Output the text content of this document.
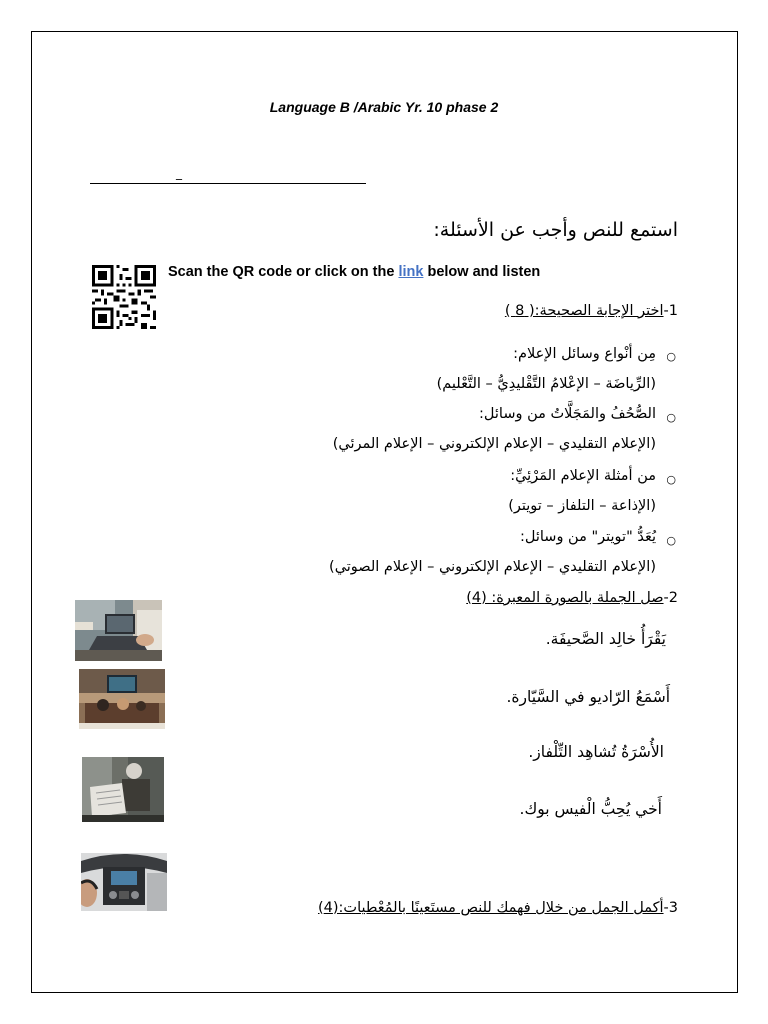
Language B /Arabic Yr. 10 phase 2
_
استمع للنص وأجب عن الأسئلة:
Scan the QR code or click on the link below and listen
1-اختر الإجابة الصحيحة:( 8 )
○
مِن أنْواع وسائل الإعلام:
(الرِّياضَة – الإعْلامُ التَّقْليدِيُّ – التَّعْليم)
○
الصُّحُفُ والمَجَلَّاتُ من وسائل:
(الإعلام التقليدي – الإعلام الإلكتروني – الإعلام المرئي)
○
من أمثلة الإعلام المَرْئِيِّ:
(الإذاعة – التلفاز – تويتر)
○
يُعَدُّ "تويتر" من وسائل:
(الإعلام التقليدي – الإعلام الإلكتروني – الإعلام الصوتي)
2-صل الجملة بالصورة المعبرة: (4)
يَقْرَأُ خالِد الصَّحيفَة.
أَسْمَعُ الرّاديو في السَّيّارة.
الأُسْرَةُ تُشاهِد التِّلْفاز.
أَخي يُحِبُّ الْفيس بوك.
3-أكمل الجمل من خلال فهمك للنص مستَعينًا بالمُعْطيات:(4)
